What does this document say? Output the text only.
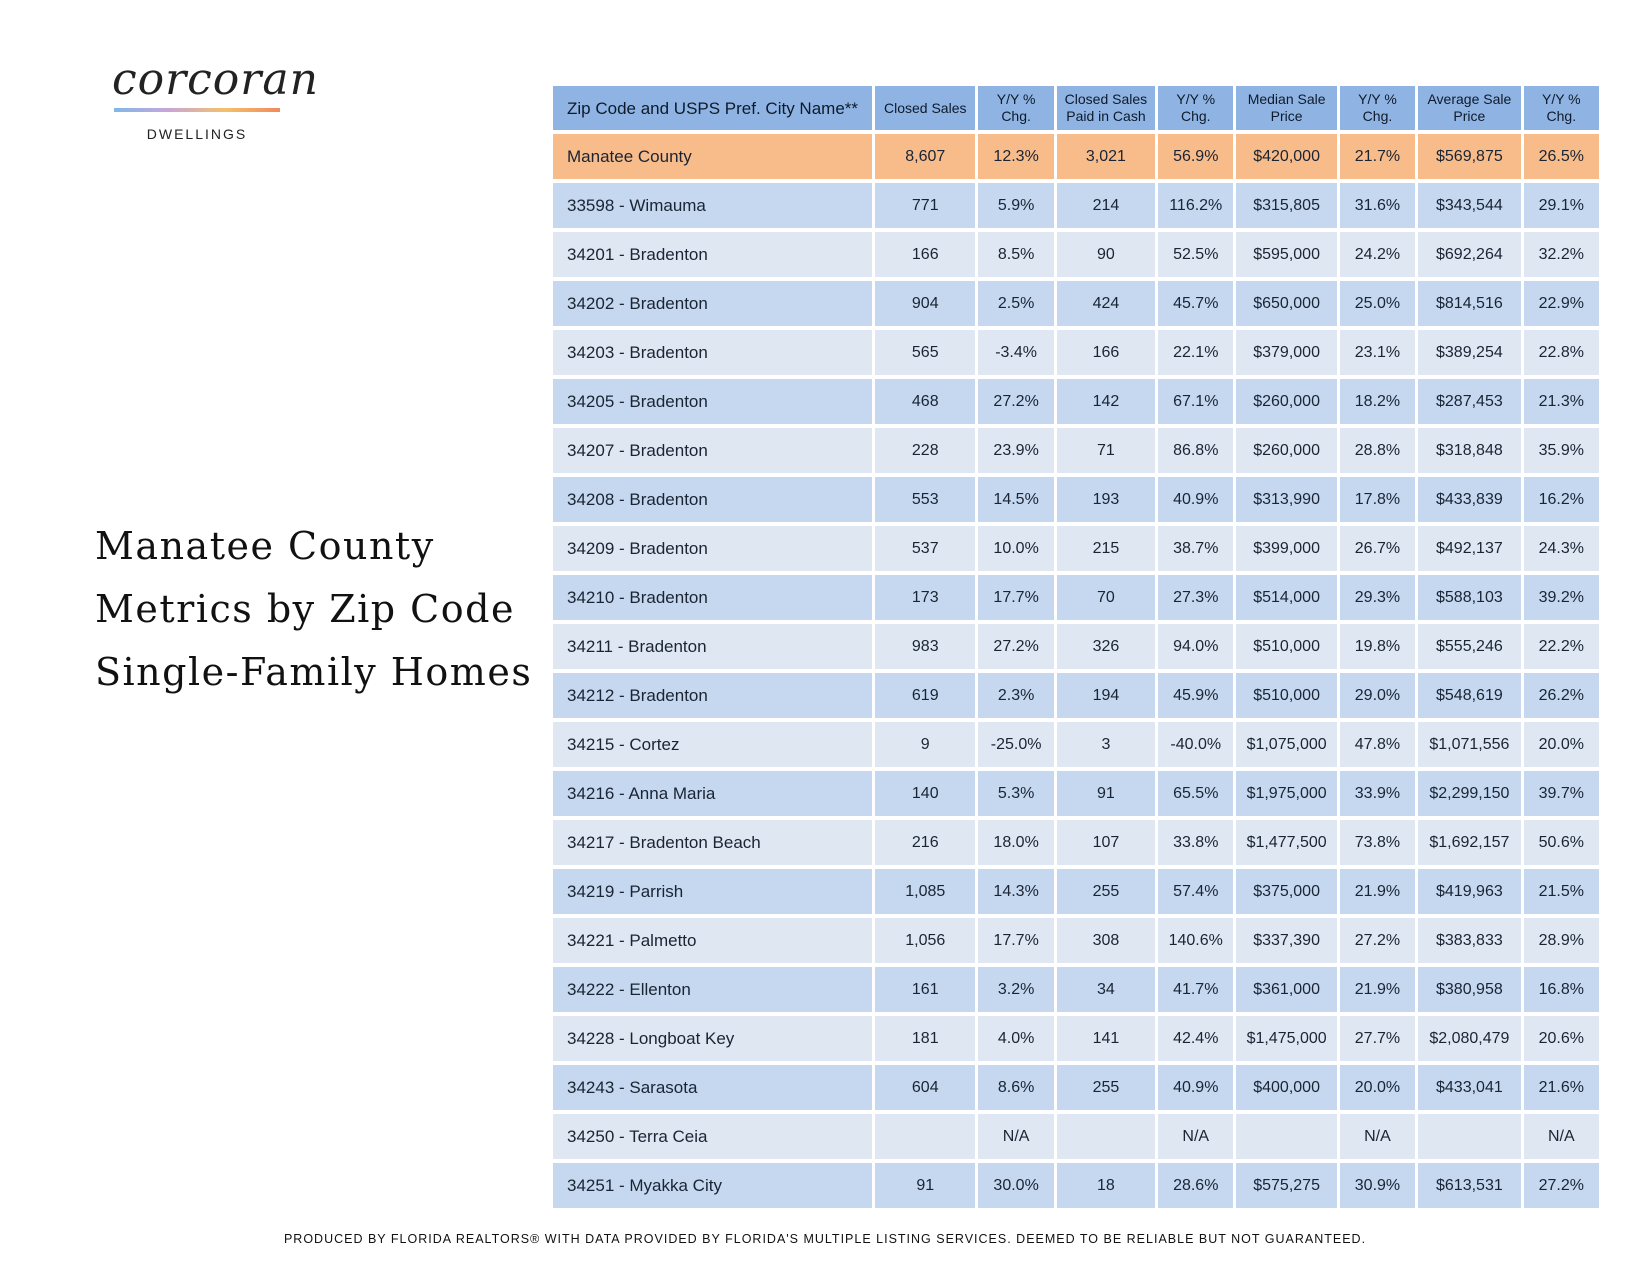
corcoran
DWELLINGS
Manatee County
Metrics by Zip Code
Single-Family Homes
Zip Code and USPS Pref. City Name**	Closed Sales	Y/Y % Chg.	Closed Sales Paid in Cash	Y/Y % Chg.	Median Sale Price	Y/Y % Chg.	Average Sale Price	Y/Y % Chg.
Manatee County	8,607	12.3%	3,021	56.9%	$420,000	21.7%	$569,875	26.5%
33598 - Wimauma	771	5.9%	214	116.2%	$315,805	31.6%	$343,544	29.1%
34201 - Bradenton	166	8.5%	90	52.5%	$595,000	24.2%	$692,264	32.2%
34202 - Bradenton	904	2.5%	424	45.7%	$650,000	25.0%	$814,516	22.9%
34203 - Bradenton	565	-3.4%	166	22.1%	$379,000	23.1%	$389,254	22.8%
34205 - Bradenton	468	27.2%	142	67.1%	$260,000	18.2%	$287,453	21.3%
34207 - Bradenton	228	23.9%	71	86.8%	$260,000	28.8%	$318,848	35.9%
34208 - Bradenton	553	14.5%	193	40.9%	$313,990	17.8%	$433,839	16.2%
34209 - Bradenton	537	10.0%	215	38.7%	$399,000	26.7%	$492,137	24.3%
34210 - Bradenton	173	17.7%	70	27.3%	$514,000	29.3%	$588,103	39.2%
34211 - Bradenton	983	27.2%	326	94.0%	$510,000	19.8%	$555,246	22.2%
34212 - Bradenton	619	2.3%	194	45.9%	$510,000	29.0%	$548,619	26.2%
34215 - Cortez	9	-25.0%	3	-40.0%	$1,075,000	47.8%	$1,071,556	20.0%
34216 - Anna Maria	140	5.3%	91	65.5%	$1,975,000	33.9%	$2,299,150	39.7%
34217 - Bradenton Beach	216	18.0%	107	33.8%	$1,477,500	73.8%	$1,692,157	50.6%
34219 - Parrish	1,085	14.3%	255	57.4%	$375,000	21.9%	$419,963	21.5%
34221 - Palmetto	1,056	17.7%	308	140.6%	$337,390	27.2%	$383,833	28.9%
34222 - Ellenton	161	3.2%	34	41.7%	$361,000	21.9%	$380,958	16.8%
34228 - Longboat Key	181	4.0%	141	42.4%	$1,475,000	27.7%	$2,080,479	20.6%
34243 - Sarasota	604	8.6%	255	40.9%	$400,000	20.0%	$433,041	21.6%
34250 - Terra Ceia		N/A		N/A		N/A		N/A
34251 - Myakka City	91	30.0%	18	28.6%	$575,275	30.9%	$613,531	27.2%
PRODUCED BY FLORIDA REALTORS® WITH DATA PROVIDED BY FLORIDA'S MULTIPLE LISTING SERVICES. DEEMED TO BE RELIABLE BUT NOT GUARANTEED.
